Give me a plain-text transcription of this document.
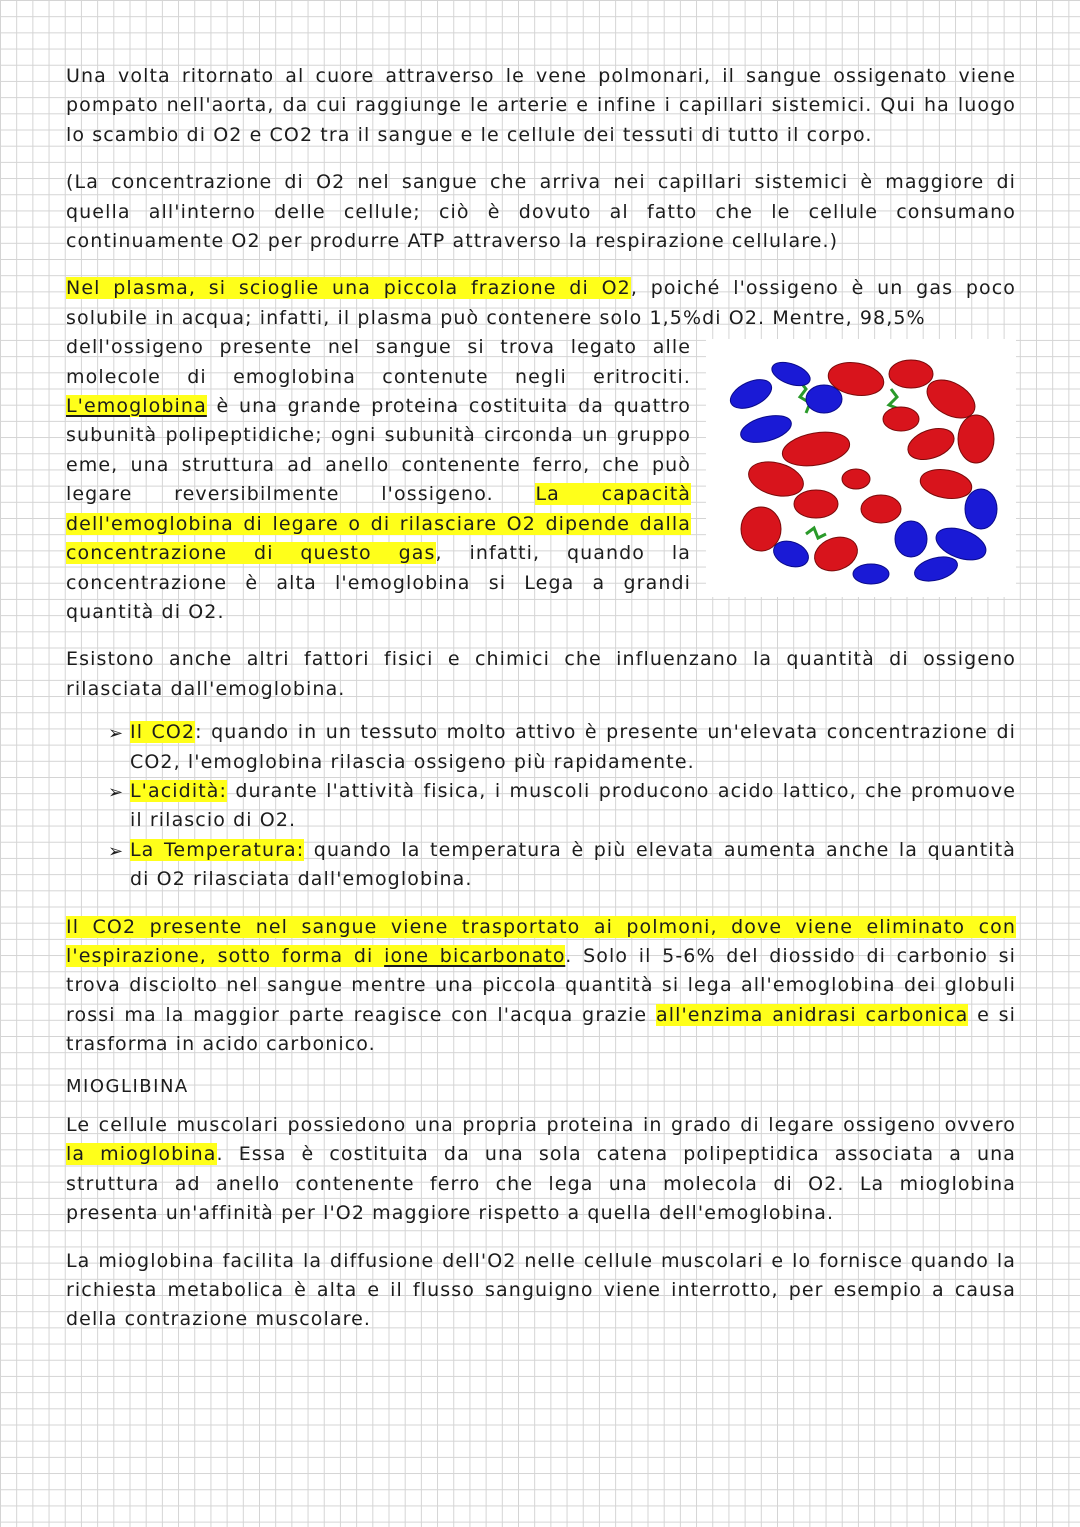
Una volta ritornato al cuore attraverso le vene polmonari, il sangue ossigenato viene pompato nell'aorta, da cui raggiunge le arterie e infine i capillari sistemici. Qui ha luogo lo scambio di O2 e CO2 tra il sangue e le cellule dei tessuti di tutto il corpo.

(La concentrazione di O2 nel sangue che arriva nei capillari sistemici è maggiore di quella all'interno delle cellule; ciò è dovuto al fatto che le cellule consumano continuamente O2 per produrre ATP attraverso la respirazione cellulare.)

Nel plasma, si scioglie una piccola frazione di O2, poiché l'ossigeno è un gas poco solubile in acqua; infatti, il plasma può contenere solo 1,5%di O2. Mentre, 98,5%

dell'ossigeno presente nel sangue si trova legato alle molecole di emoglobina contenute negli eritrociti. L'emoglobina è una grande proteina costituita da quattro subunità polipeptidiche; ogni subunità circonda un gruppo eme, una struttura ad anello contenente ferro, che può legare reversibilmente l'ossigeno. La capacità dell'emoglobina di legare o di rilasciare O2 dipende dalla concentrazione di questo gas, infatti, quando la concentrazione è alta l'emoglobina si Lega a grandi quantità di O2.

Esistono anche altri fattori fisici e chimici che influenzano la quantità di ossigeno rilasciata dall'emoglobina.

➢ Il CO2: quando in un tessuto molto attivo è presente un'elevata concentrazione di CO2, l'emoglobina rilascia ossigeno più rapidamente.
➢ L'acidità: durante l'attività fisica, i muscoli producono acido lattico, che promuove il rilascio di O2.
➢ La Temperatura: quando la temperatura è più elevata aumenta anche la quantità di O2 rilasciata dall'emoglobina.

Il CO2 presente nel sangue viene trasportato ai polmoni, dove viene eliminato con l'espirazione, sotto forma di ione bicarbonato. Solo il 5-6% del diossido di carbonio si trova disciolto nel sangue mentre una piccola quantità si lega all'emoglobina dei globuli rossi ma la maggior parte reagisce con l'acqua grazie all'enzima anidrasi carbonica e si trasforma in acido carbonico.

MIOGLIBINA

Le cellule muscolari possiedono una propria proteina in grado di legare ossigeno ovvero la mioglobina. Essa è costituita da una sola catena polipeptidica associata a una struttura ad anello contenente ferro che lega una molecola di O2. La mioglobina presenta un'affinità per l'O2 maggiore rispetto a quella dell'emoglobina.

La mioglobina facilita la diffusione dell'O2 nelle cellule muscolari e lo fornisce quando la richiesta metabolica è alta e il flusso sanguigno viene interrotto, per esempio a causa della contrazione muscolare.
